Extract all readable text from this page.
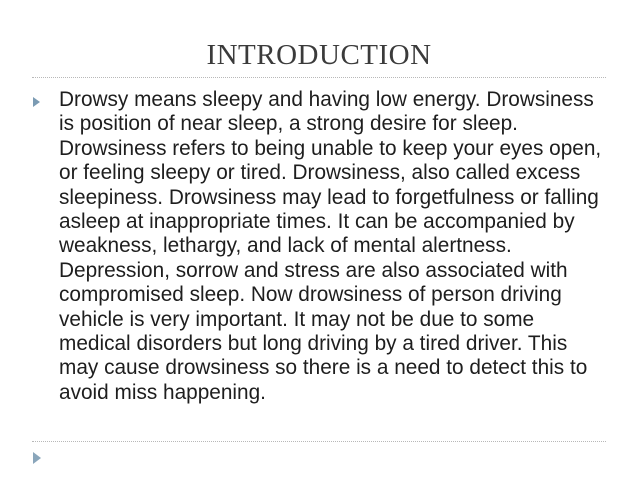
INTRODUCTION

Drowsy means sleepy and having low energy. Drowsiness is position of near sleep, a strong desire for sleep. Drowsiness refers to being unable to keep your eyes open, or feeling sleepy or tired. Drowsiness, also called excess sleepiness. Drowsiness may lead to forgetfulness or falling asleep at inappropriate times. It can be accompanied by weakness, lethargy, and lack of mental alertness. Depression, sorrow and stress are also associated with compromised sleep. Now drowsiness of person driving vehicle is very important. It may not be due to some medical disorders but long driving by a tired driver. This may cause drowsiness so there is a need to detect this to avoid miss happening.
